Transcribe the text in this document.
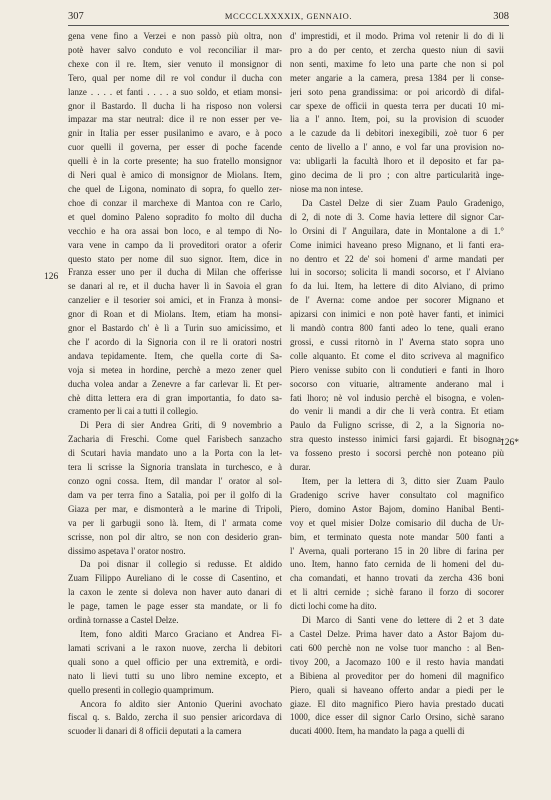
307	MCCCCLXXXXIX, GENNAIO.	308
126
126*
gena vene fino a Verzei e non passò più oltra, non
potè haver salvo conduto e vol reconciliar il mar-
chexe con il re. Item, sier venuto il monsignor di
Tero, qual per nome dil re vol condur il ducha con
lanze . . . . et fanti . . . . a suo soldo, et etiam monsi-
gnor il Bastardo. Il ducha li ha risposo non volersi
impazar ma star neutral: dice il re non esser per ve-
gnir in Italia per esser pusilanimo e avaro, e à poco
cuor quelli il governa, per esser di poche facende
quelli è in la corte presente; ha suo fratello monsignor
di Neri qual è amico di monsignor de Miolans. Item,
che quel de Ligona, nominato di sopra, fo quello zer-
choe di conzar il marchexe di Mantoa con re Carlo,
et quel domino Paleno sopradito fo molto dil ducha
vecchio e ha ora assai bon loco, e al tempo di No-
vara vene in campo da li proveditori orator a oferir
questo stato per nome dil suo signor. Item, dice in
Franza esser uno per il ducha di Milan che offerisse
se danari al re, et il ducha haver lì in Savoia el gran
canzelier e il tesorier soi amici, et in Franza à monsi-
gnor di Roan et di Miolans. Item, etiam ha monsi-
gnor el Bastardo ch' è lì a Turin suo amicissimo, et
che l' acordo di la Signoria con il re li oratori nostri
andava tepidamente. Item, che quella corte di Sa-
voja si metea in hordine, perchè a mezo zener quel
ducha volea andar a Zenevre a far carlevar lì. Et per-
chè ditta lettera era di gran importantia, fo dato sa-
cramento per li cai a tutti il collegio.
Di Pera di sier Andrea Griti, di 9 novembrio a
Zacharia di Freschi. Come quel Farisbech sanzacho
di Scutari havia mandato uno a la Porta con la let-
tera li scrisse la Signoria translata in turchesco, e à
conzo ogni cossa. Item, dil mandar l' orator al sol-
dam va per terra fino a Satalia, poi per il golfo di la
Giaza per mar, e dismonterà a le marine di Tripoli,
va per li garbugii sono là. Item, di l' armata come
scrisse, non pol dir altro, se non con desiderio gran-
dissimo aspetava l' orator nostro.
Da poi disnar il collegio si redusse. Et aldido
Zuam Filippo Aureliano di le cosse di Casentino, et
la caxon le zente si doleva non haver auto danari di
le page, tamen le page esser sta mandate, or li fo
ordinà tornasse a Castel Delze.
Item, fono aldìti Marco Graciano et Andrea Fi-
lamati scrivani a le raxon nuove, zercha li debitori
quali sono a quel officio per una extremità, e ordi-
nato li lievi tutti su uno libro nemine excepto, et
quello presentì in collegio quamprimum.
Ancora fo aldìto sier Antonio Querini avochato
fiscal q. s. Baldo, zercha il suo pensier aricordava di
scuoder li danari di 8 officii deputati a la camera
d' imprestidi, et il modo. Prima vol retenir li do di li
pro a do per cento, et zercha questo niun di savii
non senti, maxime fo leto una parte che non si pol
meter angarie a la camera, presa 1384 per li conse-
jeri soto pena grandissima: or poi aricordò di difal-
car spexe de officii in questa terra per ducati 10 mi-
lia a l' anno. Item, poi, su la provision di scuoder
a le cazude da li debitori inexegibili, zoè tuor 6 per
cento de livello a l' anno, e vol far una provision no-
va: ubligarli la facultà lhoro et il deposito et far pa-
gino decima de li pro ; con altre particularità inge-
niose ma non intese.
Da Castel Delze di sier Zuam Paulo Gradenigo,
di 2, di note di 3. Come havia lettere dil signor Car-
lo Orsini di l' Anguilara, date in Montalone a di 1.°
Come inimici haveano preso Mignano, et li fanti era-
no dentro et 22 de' soi homeni d' arme mandati per
lui in socorso; solicita li mandi socorso, et l' Alviano
fo da lui. Item, ha lettere di dito Alviano, di primo
de l' Averna: come andoe per socorer Mignano et
apizarsi con inimici e non potè haver fanti, et inimici
li mandò contra 800 fanti adeo lo tene, quali erano
grossi, e cussi ritornò in l' Averna stato sopra uno
colle alquanto. Et come el dito scriveva al magnifico
Piero venisse subito con li condutieri e fanti in lhoro
socorso con vituarie, altramente anderano mal i
fati lhoro; nè vol indusio perchè el bisogna, e volen-
do venir li mandi a dir che li verà contra. Et etiam
Paulo da Fuligno scrisse, di 2, a la Signoria no-
stra questo instesso inimici farsi gajardi. Et bisogna-
va fosseno presto i socorsi perchè non poteano più
durar.
Item, per la lettera di 3, ditto sier Zuam Paulo
Gradenigo scrive haver consultato col magnifico
Piero, domino Astor Bajom, domino Hanibal Benti-
voy et quel misier Dolze comisario dil ducha de Ur-
bim, et terminato questa note mandar 500 fanti a
l' Averna, quali porterano 15 in 20 libre di farina per
uno. Item, hanno fato cernida de li homeni del du-
cha comandati, et hanno trovati da zercha 436 boni
et li altri cernide ; sichè farano il forzo di socorer
dicti lochi come ha dito.
Di Marco di Santi vene do lettere di 2 et 3 date
a Castel Delze. Prima haver dato a Astor Bajom du-
cati 600 perchè non ne volse tuor mancho : al Ben-
tivoy 200, a Jacomazo 100 e il resto havia mandati
a Bibiena al proveditor per do homeni dil magnifico
Piero, quali si haveano offerto andar a piedi per le
giaze. El dito magnifico Piero havia prestado ducati
1000, dice esser dil signor Carlo Orsino, sichè sarano
ducati 4000. Item, ha mandato la paga a quelli di
